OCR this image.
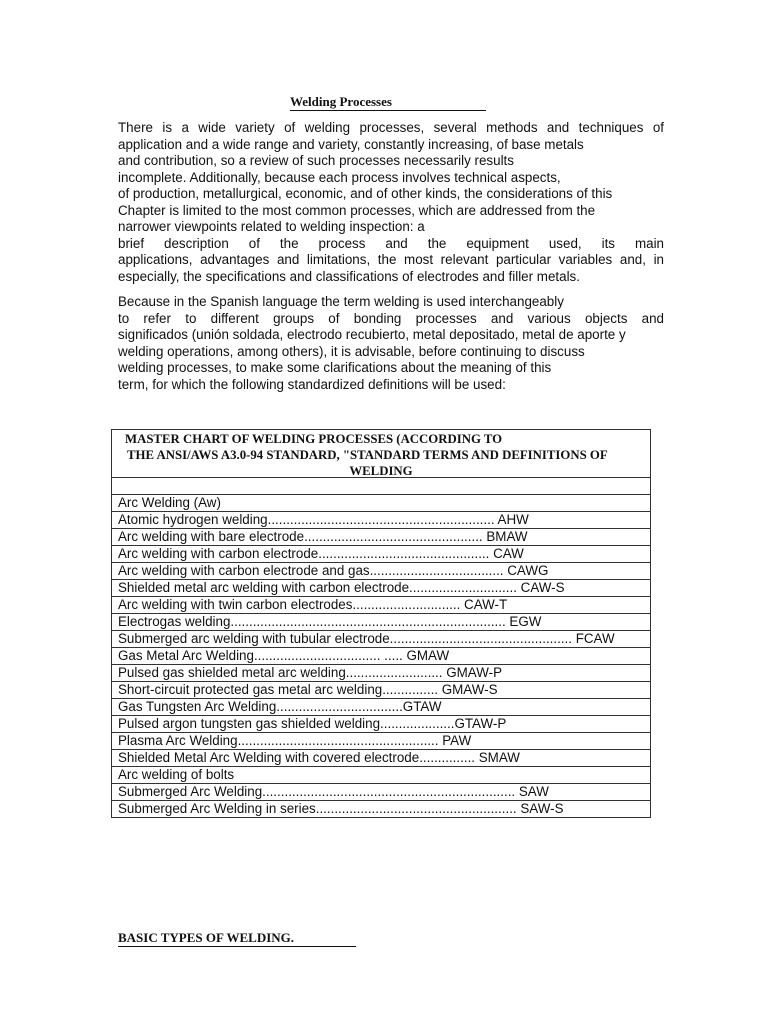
Welding Processes
There is a wide variety of welding processes, several methods and techniques of
application and a wide range and variety, constantly increasing, of base metals
and contribution, so a review of such processes necessarily results
incomplete. Additionally, because each process involves technical aspects,
of production, metallurgical, economic, and of other kinds, the considerations of this
Chapter is limited to the most common processes, which are addressed from the
narrower viewpoints related to welding inspection: a
brief description of the process and the equipment used, its main
applications, advantages and limitations, the most relevant particular variables and, in
especially, the specifications and classifications of electrodes and filler metals.
Because in the Spanish language the term welding is used interchangeably
to refer to different groups of bonding processes and various objects and
significados (unión soldada, electrodo recubierto, metal depositado, metal de aporte y
welding operations, among others), it is advisable, before continuing to discuss
welding processes, to make some clarifications about the meaning of this
term, for which the following standardized definitions will be used:
MASTER CHART OF WELDING PROCESSES (ACCORDING TO
THE ANSI/AWS A3.0-94 STANDARD, "STANDARD TERMS AND DEFINITIONS OF
WELDING
Arc Welding (Aw)
Atomic hydrogen welding............................................................. AHW
Arc welding with bare electrode................................................ BMAW
Arc welding with carbon electrode.............................................. CAW
Arc welding with carbon electrode and gas.................................... CAWG
Shielded metal arc welding with carbon electrode............................. CAW-S
Arc welding with twin carbon electrodes............................. CAW-T
Electrogas welding.......................................................................... EGW
Submerged arc welding with tubular electrode................................................. FCAW
Gas Metal Arc Welding.................................. ..... GMAW
Pulsed gas shielded metal arc welding.......................... GMAW-P
Short-circuit protected gas metal arc welding............... GMAW-S
Gas Tungsten Arc Welding..................................GTAW
Pulsed argon tungsten gas shielded welding....................GTAW-P
Plasma Arc Welding...................................................... PAW
Shielded Metal Arc Welding with covered electrode............... SMAW
Arc welding of bolts
Submerged Arc Welding.................................................................... SAW
Submerged Arc Welding in series...................................................... SAW-S
BASIC TYPES OF WELDING.
